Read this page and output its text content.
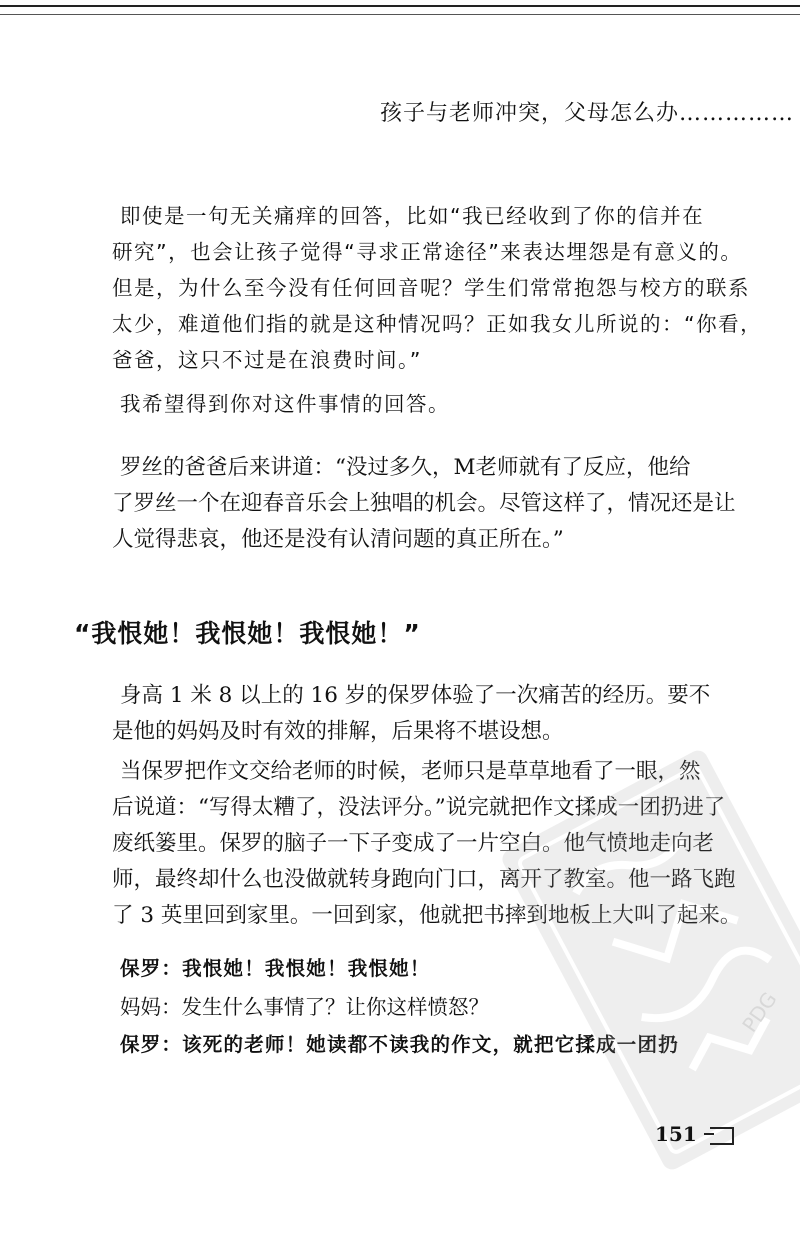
孩子与老师冲突，父母怎么办……………
即使是一句无关痛痒的回答，比如“我已经收到了你的信并在
研究”，也会让孩子觉得“寻求正常途径”来表达埋怨是有意义的。
但是，为什么至今没有任何回音呢？学生们常常抱怨与校方的联系
太少，难道他们指的就是这种情况吗？正如我女儿所说的：“你看，
爸爸，这只不过是在浪费时间。”
我希望得到你对这件事情的回答。
罗丝的爸爸后来讲道：“没过多久，M老师就有了反应，他给
了罗丝一个在迎春音乐会上独唱的机会。尽管这样了，情况还是让
人觉得悲哀，他还是没有认清问题的真正所在。”
“我恨她！我恨她！我恨她！”
身高 1 米 8 以上的 16 岁的保罗体验了一次痛苦的经历。要不
是他的妈妈及时有效的排解，后果将不堪设想。
当保罗把作文交给老师的时候，老师只是草草地看了一眼，然
后说道：“写得太糟了，没法评分。”说完就把作文揉成一团扔进了
废纸篓里。保罗的脑子一下子变成了一片空白。他气愤地走向老
师，最终却什么也没做就转身跑向门口，离开了教室。他一路飞跑
了 3 英里回到家里。一回到家，他就把书摔到地板上大叫了起来。
保罗：我恨她！我恨她！我恨她！
妈妈：发生什么事情了？让你这样愤怒？
保罗：该死的老师！她读都不读我的作文，就把它揉成一团扔
PDG
151
